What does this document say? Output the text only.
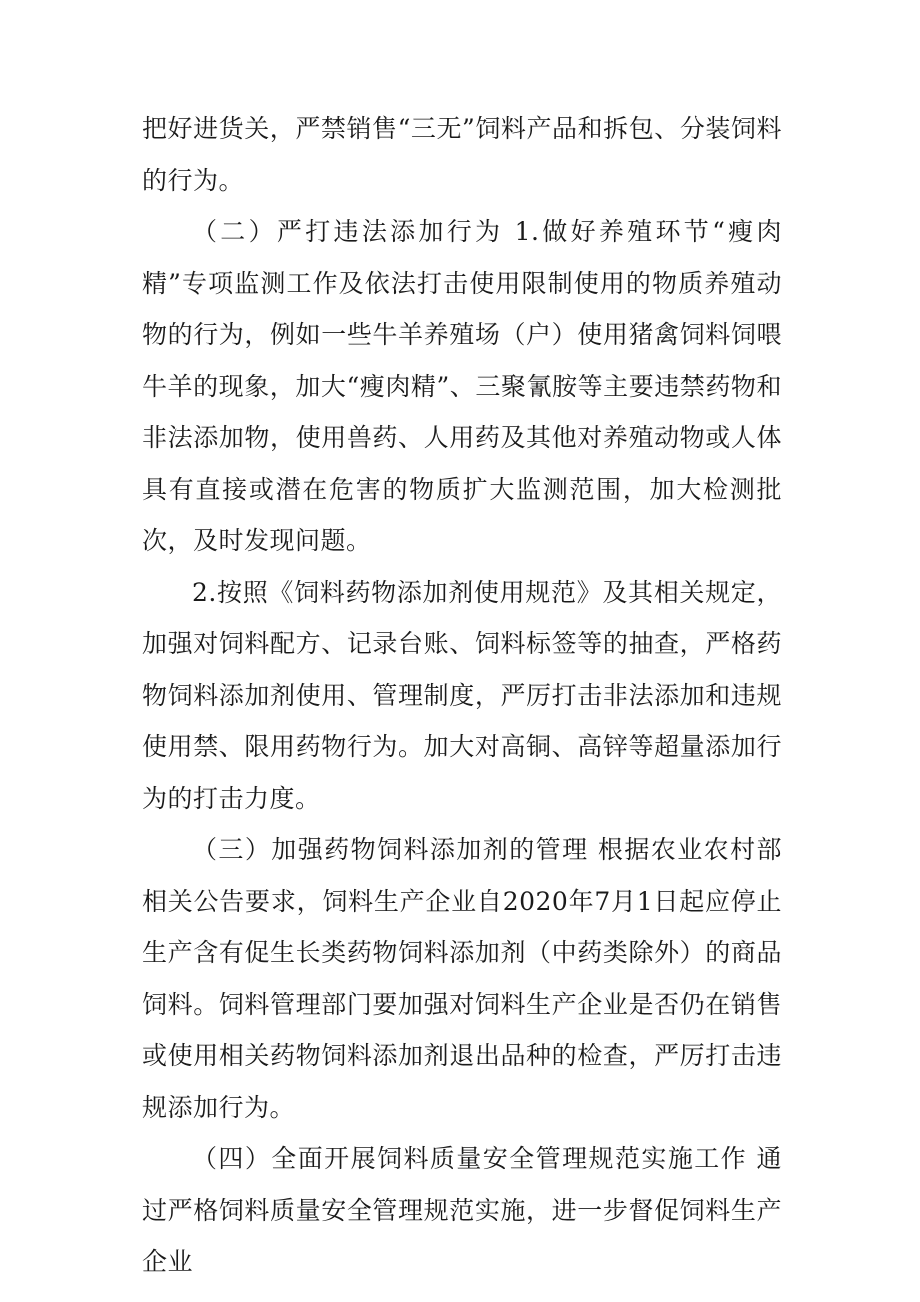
把好进货关，严禁销售“三无”饲料产品和拆包、分装饲料的行为。

（二）严打违法添加行为 1.做好养殖环节“瘦肉精”专项监测工作及依法打击使用限制使用的物质养殖动物的行为，例如一些牛羊养殖场（户）使用猪禽饲料饲喂牛羊的现象，加大“瘦肉精”、三聚氰胺等主要违禁药物和非法添加物，使用兽药、人用药及其他对养殖动物或人体具有直接或潜在危害的物质扩大监测范围，加大检测批次，及时发现问题。

2.按照《饲料药物添加剂使用规范》及其相关规定，加强对饲料配方、记录台账、饲料标签等的抽查，严格药物饲料添加剂使用、管理制度，严厉打击非法添加和违规使用禁、限用药物行为。加大对高铜、高锌等超量添加行为的打击力度。

（三）加强药物饲料添加剂的管理 根据农业农村部相关公告要求，饲料生产企业自2020年7月1日起应停止生产含有促生长类药物饲料添加剂（中药类除外）的商品饲料。饲料管理部门要加强对饲料生产企业是否仍在销售或使用相关药物饲料添加剂退出品种的检查，严厉打击违规添加行为。

（四）全面开展饲料质量安全管理规范实施工作 通过严格饲料质量安全管理规范实施，进一步督促饲料生产企业
